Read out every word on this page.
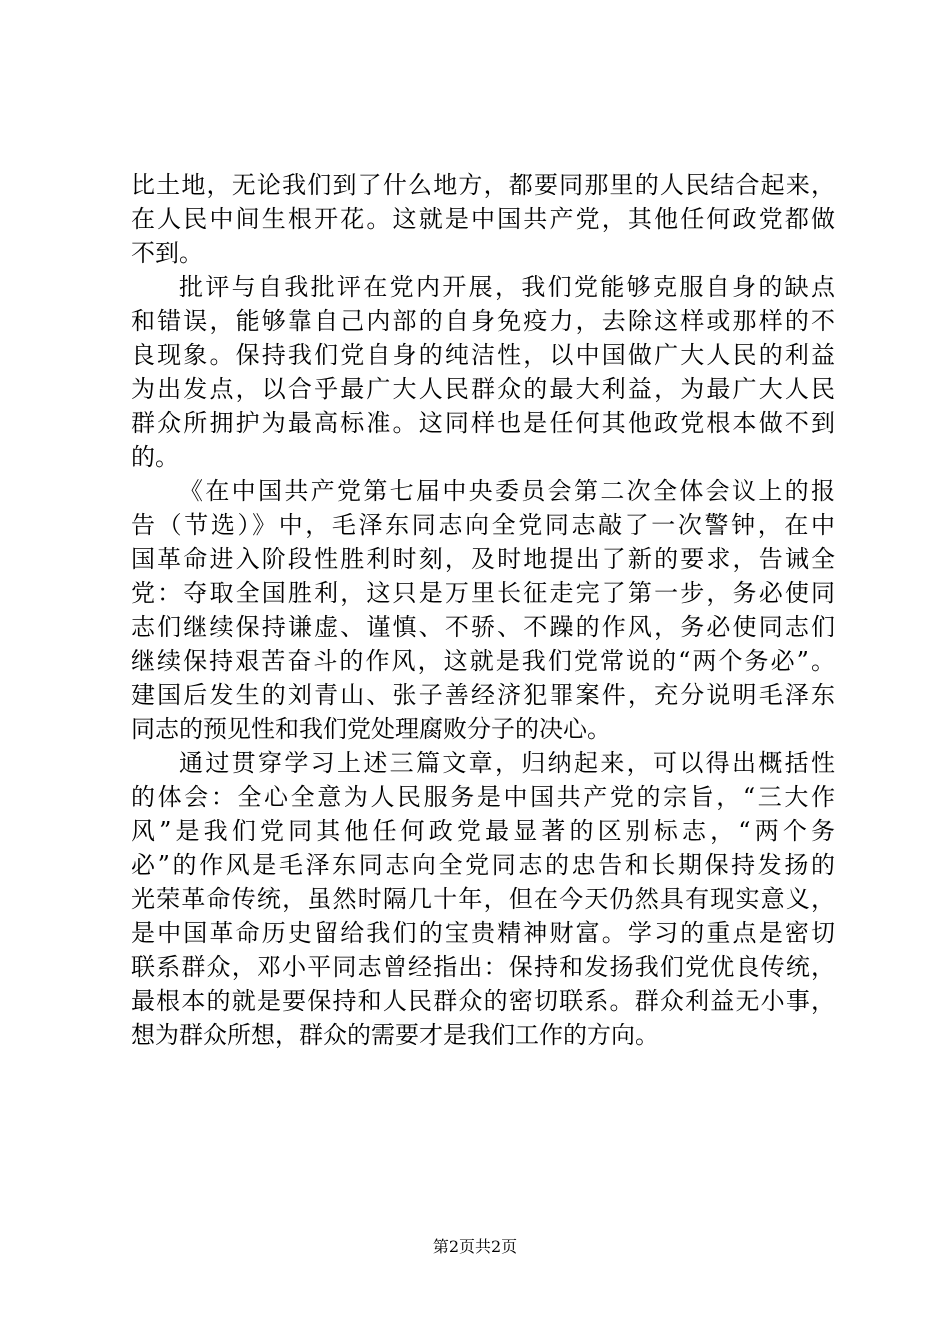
比土地，无论我们到了什么地方，都要同那里的人民结合起来，
在人民中间生根开花。这就是中国共产党，其他任何政党都做
不到。
批评与自我批评在党内开展，我们党能够克服自身的缺点
和错误，能够靠自己内部的自身免疫力，去除这样或那样的不
良现象。保持我们党自身的纯洁性，以中国做广大人民的利益
为出发点，以合乎最广大人民群众的最大利益，为最广大人民
群众所拥护为最高标准。这同样也是任何其他政党根本做不到
的。
《在中国共产党第七届中央委员会第二次全体会议上的报
告（节选）》中，毛泽东同志向全党同志敲了一次警钟，在中
国革命进入阶段性胜利时刻，及时地提出了新的要求，告诫全
党：夺取全国胜利，这只是万里长征走完了第一步，务必使同
志们继续保持谦虚、谨慎、不骄、不躁的作风，务必使同志们
继续保持艰苦奋斗的作风，这就是我们党常说的“两个务必”。
建国后发生的刘青山、张子善经济犯罪案件，充分说明毛泽东
同志的预见性和我们党处理腐败分子的决心。
通过贯穿学习上述三篇文章，归纳起来，可以得出概括性
的体会：全心全意为人民服务是中国共产党的宗旨，“三大作
风”是我们党同其他任何政党最显著的区别标志，“两个务
必”的作风是毛泽东同志向全党同志的忠告和长期保持发扬的
光荣革命传统，虽然时隔几十年，但在今天仍然具有现实意义，
是中国革命历史留给我们的宝贵精神财富。学习的重点是密切
联系群众，邓小平同志曾经指出：保持和发扬我们党优良传统，
最根本的就是要保持和人民群众的密切联系。群众利益无小事，
想为群众所想，群众的需要才是我们工作的方向。
第2页共2页
